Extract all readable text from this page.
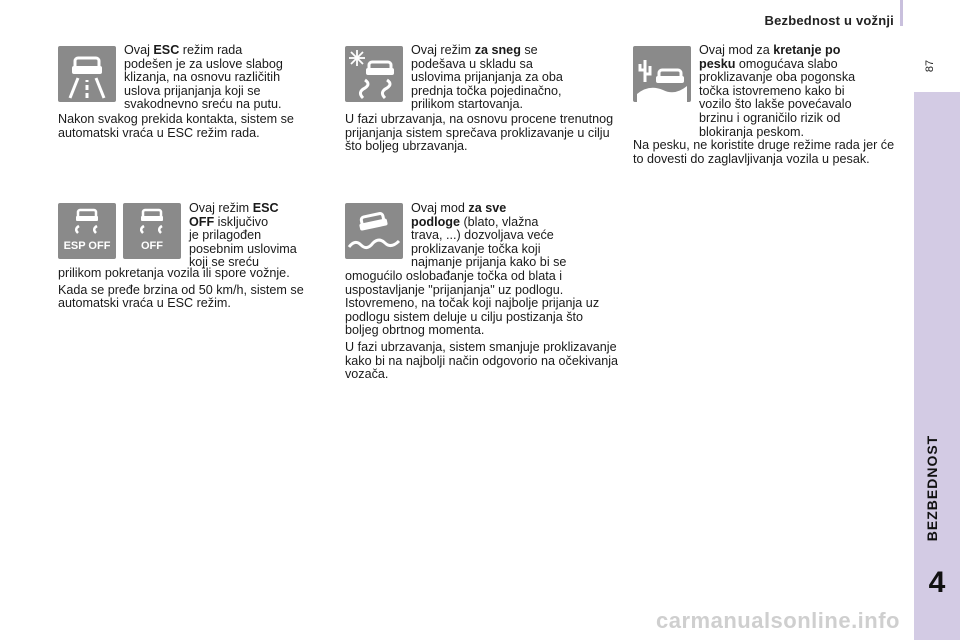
Bezbednost u vožnji
87
BEZBEDNOST
4
Ovaj ESC režim rada
podešen je za uslove slabog
klizanja, na osnovu različitih
uslova prijanjanja koji se
svakodnevno sreću na putu.

Nakon svakog prekida kontakta, sistem se automatski vraća u ESC režim rada.

Ovaj režim za sneg se
podešava u skladu sa
uslovima prijanjanja za oba
prednja točka pojedinačno,
prilikom startovanja.

U fazi ubrzavanja, na osnovu procene trenutnog prijanjanja sistem sprečava proklizavanje u cilju što boljeg ubrzavanja.

Ovaj mod za kretanje po
pesku omogućava slabo
proklizavanje oba pogonska
točka istovremeno kako bi
vozilo što lakše povećavalo
brzinu i ograničilo rizik od
blokiranja peskom.

Na pesku, ne koristite druge režime rada jer će to dovesti do zaglavljivanja vozila u pesak.

ESP OFF	OFF
Ovaj režim ESC
OFF isključivo
je prilagođen
posebnim uslovima
koji se sreću

prilikom pokretanja vozila ili spore vožnje.

Kada se pređe brzina od 50 km/h, sistem se automatski vraća u ESC režim.

Ovaj mod za sve
podloge (blato, vlažna
trava, ...) dozvoljava veće
proklizavanje točka koji
najmanje prijanja kako bi se

omogućilo oslobađanje točka od blata i uspostavljanje "prijanjanja" uz podlogu. Istovremeno, na točak koji najbolje prijanja uz podlogu sistem deluje u cilju postizanja što boljeg obrtnog momenta.

U fazi ubrzavanja, sistem smanjuje proklizavanje kako bi na najbolji način odgovorio na očekivanja vozača.

carmanualsonline.info
